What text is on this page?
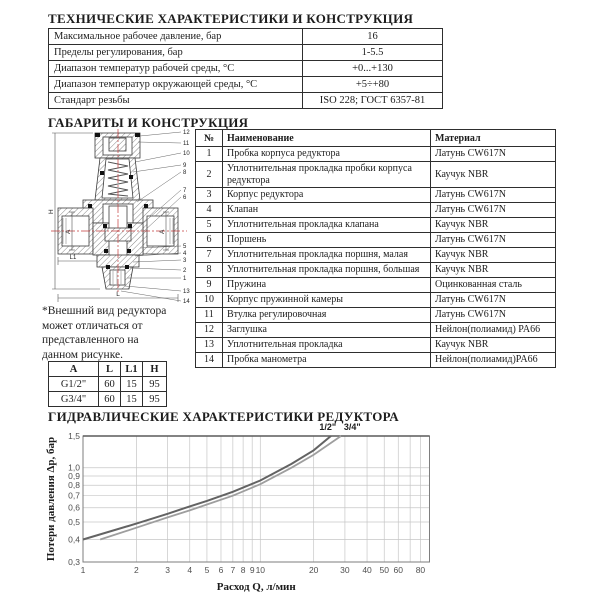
ТЕХНИЧЕСКИЕ ХАРАКТЕРИСТИКИ И КОНСТРУКЦИЯ
Максимальное рабочее давление, бар	16
Пределы регулирования, бар	1-5.5
Диапазон температур рабочей среды, °С	+0...+130
Диапазон температур окружающей среды, °С	+5÷+80
Стандарт резьбы	ISO 228; ГОСТ 6357-81
ГАБАРИТЫ И КОНСТРУКЦИЯ
12
11
10
9
8
7
6
5
4
3
2
1
13
14
H
A	A
L1
L
*Внешний вид редуктора может отличаться от представленного на данном рисунке.
A	L	L1	H
G1/2"	60	15	95
G3/4"	60	15	95
№	Наименование	Материал
1	Пробка корпуса редуктора	Латунь CW617N
2	Уплотнительная прокладка пробки корпуса редуктора	Каучук NBR
3	Корпус редуктора	Латунь CW617N
4	Клапан	Латунь CW617N
5	Уплотнительная прокладка клапана	Каучук NBR
6	Поршень	Латунь CW617N
7	Уплотнительная прокладка поршня, малая	Каучук NBR
8	Уплотнительная прокладка поршня, большая	Каучук NBR
9	Пружина	Оцинкованная сталь
10	Корпус пружинной камеры	Латунь CW617N
11	Втулка регулировочная	Латунь CW617N
12	Заглушка	Нейлон(полиамид) PA66
13	Уплотнительная прокладка	Каучук NBR
14	Пробка манометра	Нейлон(полиамид)PA66
ГИДРАВЛИЧЕСКИЕ ХАРАКТЕРИСТИКИ РЕДУКТОРА
1	2	3 4 5 6 7 8 9 10	20	30 40 50 60 80
1,5
1,0
0,9
0,8
0,7
0,6
0,5
0,4
0,3
1/2" 3/4"
Расход Q, л/мин
Потери давления Δp, бар
